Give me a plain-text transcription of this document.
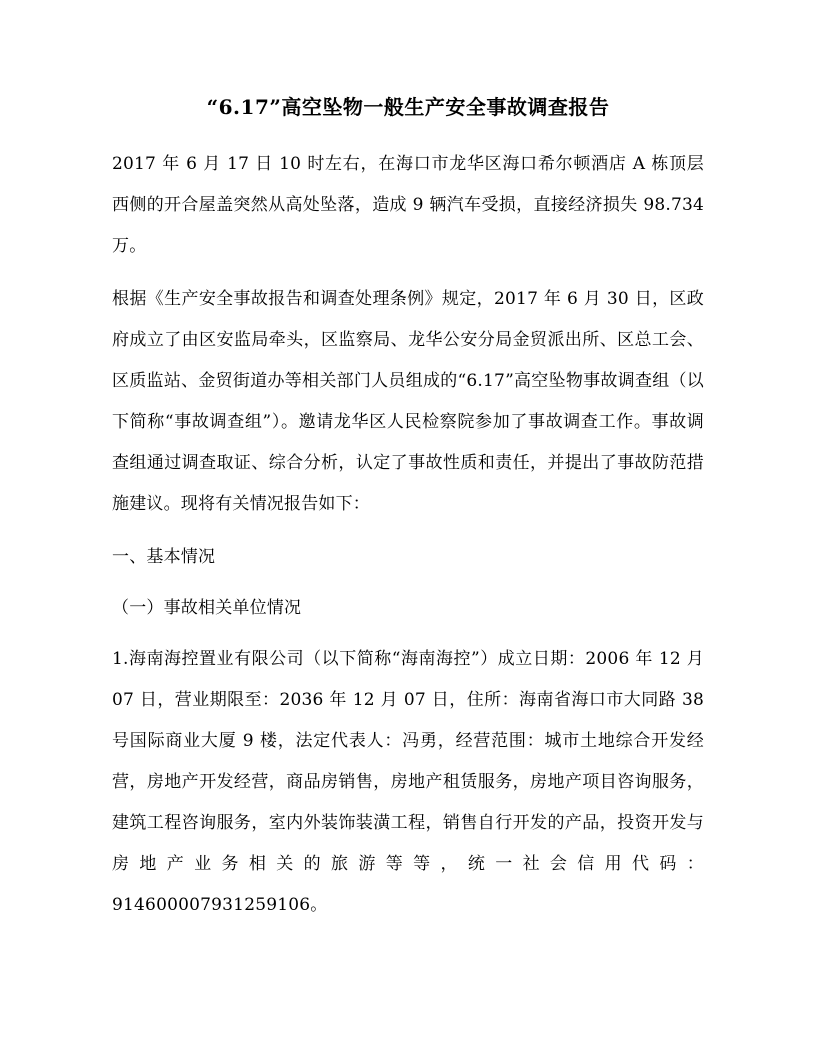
“6.17”高空坠物一般生产安全事故调查报告

2017 年 6 月 17 日 10 时左右，在海口市龙华区海口希尔顿酒店 A 栋顶层西侧的开合屋盖突然从高处坠落，造成 9 辆汽车受损，直接经济损失 98.734 万。

根据《生产安全事故报告和调查处理条例》规定，2017 年 6 月 30 日，区政府成立了由区安监局牵头，区监察局、龙华公安分局金贸派出所、区总工会、区质监站、金贸街道办等相关部门人员组成的“6.17”高空坠物事故调查组（以下简称“事故调查组”）。邀请龙华区人民检察院参加了事故调查工作。事故调查组通过调查取证、综合分析，认定了事故性质和责任，并提出了事故防范措施建议。现将有关情况报告如下：

一、基本情况

（一）事故相关单位情况

1.海南海控置业有限公司（以下简称“海南海控”）成立日期：2006 年 12 月 07 日，营业期限至：2036 年 12 月 07 日，住所：海南省海口市大同路 38 号国际商业大厦 9 楼，法定代表人：冯勇，经营范围：城市土地综合开发经营，房地产开发经营，商品房销售，房地产租赁服务，房地产项目咨询服务，建筑工程咨询服务，室内外装饰装潢工程，销售自行开发的产品，投资开发与房地产业务相关的旅游等等，统一社会信用代码：914600007931259106。
